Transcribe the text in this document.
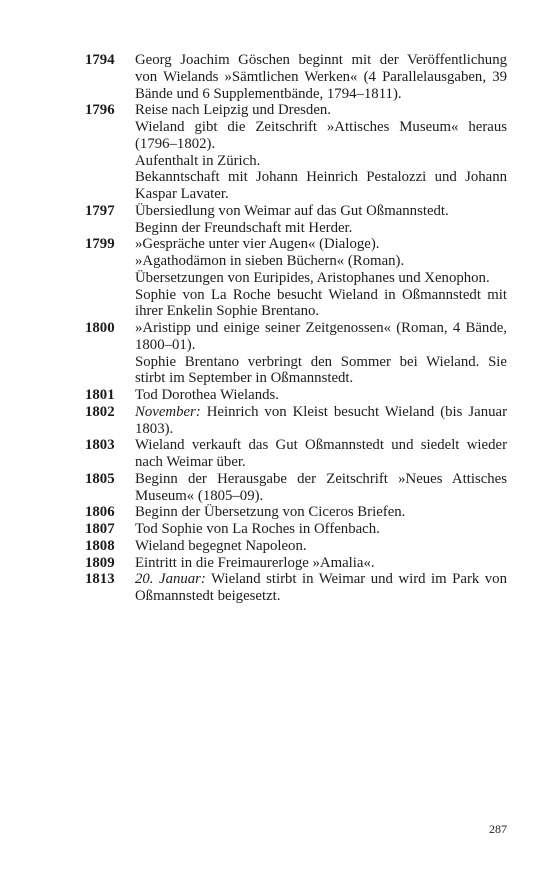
1794	Georg Joachim Göschen beginnt mit der Veröffentlichung
von Wielands »Sämtlichen Werken« (4 Parallelausgaben, 39
Bände und 6 Supplementbände, 1794–1811).
1796	Reise nach Leipzig und Dresden.
Wieland gibt die Zeitschrift »Attisches Museum« heraus
(1796–1802).
Aufenthalt in Zürich.
Bekanntschaft mit Johann Heinrich Pestalozzi und Johann
Kaspar Lavater.
1797	Übersiedlung von Weimar auf das Gut Oßmannstedt.
Beginn der Freundschaft mit Herder.
1799	»Gespräche unter vier Augen« (Dialoge).
»Agathodämon in sieben Büchern« (Roman).
Übersetzungen von Euripides, Aristophanes und Xenophon.
Sophie von La Roche besucht Wieland in Oßmannstedt mit
ihrer Enkelin Sophie Brentano.
1800	»Aristipp und einige seiner Zeitgenossen« (Roman, 4 Bände,
1800–01).
Sophie Brentano verbringt den Sommer bei Wieland. Sie
stirbt im September in Oßmannstedt.
1801	Tod Dorothea Wielands.
1802	November: Heinrich von Kleist besucht Wieland (bis Januar
1803).
1803	Wieland verkauft das Gut Oßmannstedt und siedelt wieder
nach Weimar über.
1805	Beginn der Herausgabe der Zeitschrift »Neues Attisches
Museum« (1805–09).
1806	Beginn der Übersetzung von Ciceros Briefen.
1807	Tod Sophie von La Roches in Offenbach.
1808	Wieland begegnet Napoleon.
1809	Eintritt in die Freimaurerloge »Amalia«.
1813	20. Januar: Wieland stirbt in Weimar und wird im Park von
Oßmannstedt beigesetzt.
287
